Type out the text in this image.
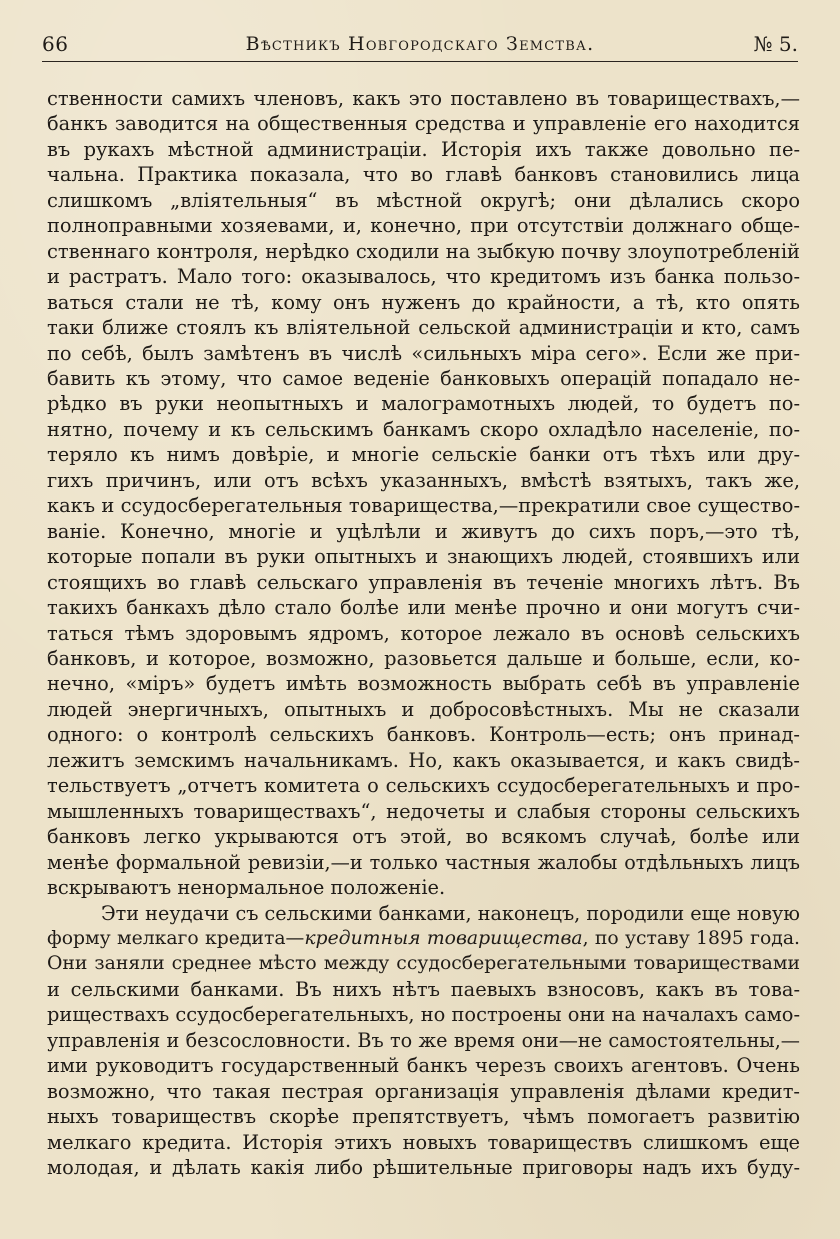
66	Вѣстникъ Новгородскаго Земства.	№ 5.
ственности самихъ членовъ, какъ это поставлено въ товариществахъ,—
банкъ заводится на общественныя средства и управленіе его находится
въ рукахъ мѣстной администраціи. Исторія ихъ также довольно пе-
чальна. Практика показала, что во главѣ банковъ становились лица
слишкомъ „вліятельныя“ въ мѣстной округѣ; они дѣлались скоро
полноправными хозяевами, и, конечно, при отсутствіи должнаго обще-
ственнаго контроля, нерѣдко сходили на зыбкую почву злоупотребленій
и растратъ. Мало того: оказывалось, что кредитомъ изъ банка пользо-
ваться стали не тѣ, кому онъ нуженъ до крайности, а тѣ, кто опять
таки ближе стоялъ къ вліятельной сельской администраціи и кто, самъ
по себѣ, былъ замѣтенъ въ числѣ «сильныхъ міра сего». Если же при-
бавить къ этому, что самое веденіе банковыхъ операцій попадало не-
рѣдко въ руки неопытныхъ и малограмотныхъ людей, то будетъ по-
нятно, почему и къ сельскимъ банкамъ скоро охладѣло населеніе, по-
теряло къ нимъ довѣріе, и многіе сельскіе банки отъ тѣхъ или дру-
гихъ причинъ, или отъ всѣхъ указанныхъ, вмѣстѣ взятыхъ, такъ же,
какъ и ссудосберегательныя товарищества,—прекратили свое существо-
ваніе. Конечно, многіе и уцѣлѣли и живутъ до сихъ поръ,—это тѣ,
которые попали въ руки опытныхъ и знающихъ людей, стоявшихъ или
стоящихъ во главѣ сельскаго управленія въ теченіе многихъ лѣтъ. Въ
такихъ банкахъ дѣло стало болѣе или менѣе прочно и они могутъ счи-
таться тѣмъ здоровымъ ядромъ, которое лежало въ основѣ сельскихъ
банковъ, и которое, возможно, разовьется дальше и больше, если, ко-
нечно, «міръ» будетъ имѣть возможность выбрать себѣ въ управленіе
людей энергичныхъ, опытныхъ и добросовѣстныхъ. Мы не сказали
одного: о контролѣ сельскихъ банковъ. Контроль—есть; онъ принад-
лежитъ земскимъ начальникамъ. Но, какъ оказывается, и какъ свидѣ-
тельствуетъ „отчетъ комитета о сельскихъ ссудосберегательныхъ и про-
мышленныхъ товариществахъ“, недочеты и слабыя стороны сельскихъ
банковъ легко укрываются отъ этой, во всякомъ случаѣ, болѣе или
менѣе формальной ревизіи,—и только частныя жалобы отдѣльныхъ лицъ
вскрываютъ ненормальное положеніе.
Эти неудачи съ сельскими банками, наконецъ, породили еще новую
форму мелкаго кредита—кредитныя товарищества, по уставу 1895 года.
Они заняли среднее мѣсто между ссудосберегательными товариществами
и сельскими банками. Въ нихъ нѣтъ паевыхъ взносовъ, какъ въ това-
риществахъ ссудосберегательныхъ, но построены они на началахъ само-
управленія и безсословности. Въ то же время они—не самостоятельны,—
ими руководитъ государственный банкъ черезъ своихъ агентовъ. Очень
возможно, что такая пестрая организація управленія дѣлами кредит-
ныхъ товариществъ скорѣе препятствуетъ, чѣмъ помогаетъ развитію
мелкаго кредита. Исторія этихъ новыхъ товариществъ слишкомъ еще
молодая, и дѣлать какія либо рѣшительные приговоры надъ ихъ буду-
